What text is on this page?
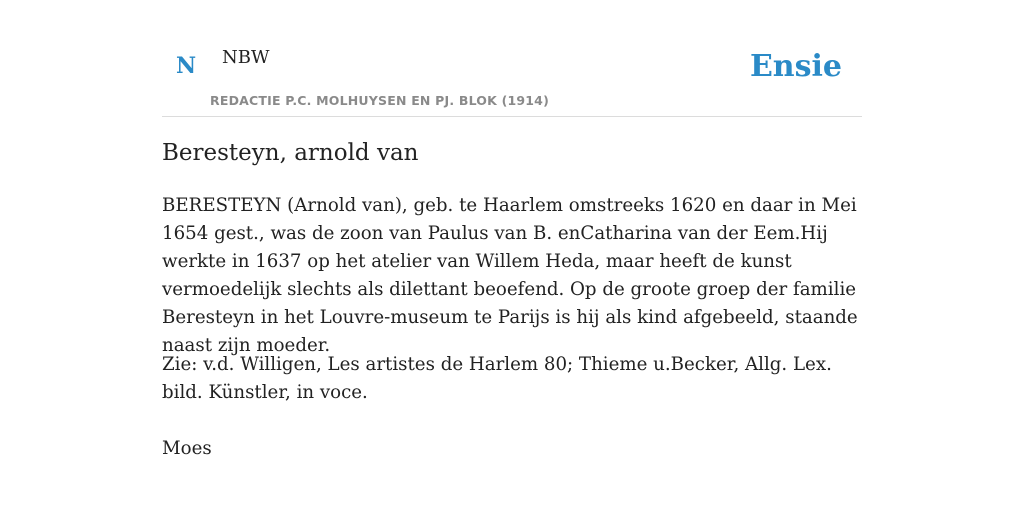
N NBW
REDACTIE P.C. MOLHUYSEN EN PJ. BLOK (1914)
Ensie
Beresteyn, arnold van

BERESTEYN (Arnold van), geb. te Haarlem omstreeks 1620 en daar in Mei 1654 gest., was de zoon van Paulus van B. enCatharina van der Eem.Hij werkte in 1637 op het atelier van Willem Heda, maar heeft de kunst vermoedelijk slechts als dilettant beoefend. Op de groote groep der familie Beresteyn in het Louvre-museum te Parijs is hij als kind afgebeeld, staande naast zijn moeder.

Zie: v.d. Willigen, Les artistes de Harlem 80; Thieme u.Becker, Allg. Lex. bild. Künstler, in voce.

Moes
